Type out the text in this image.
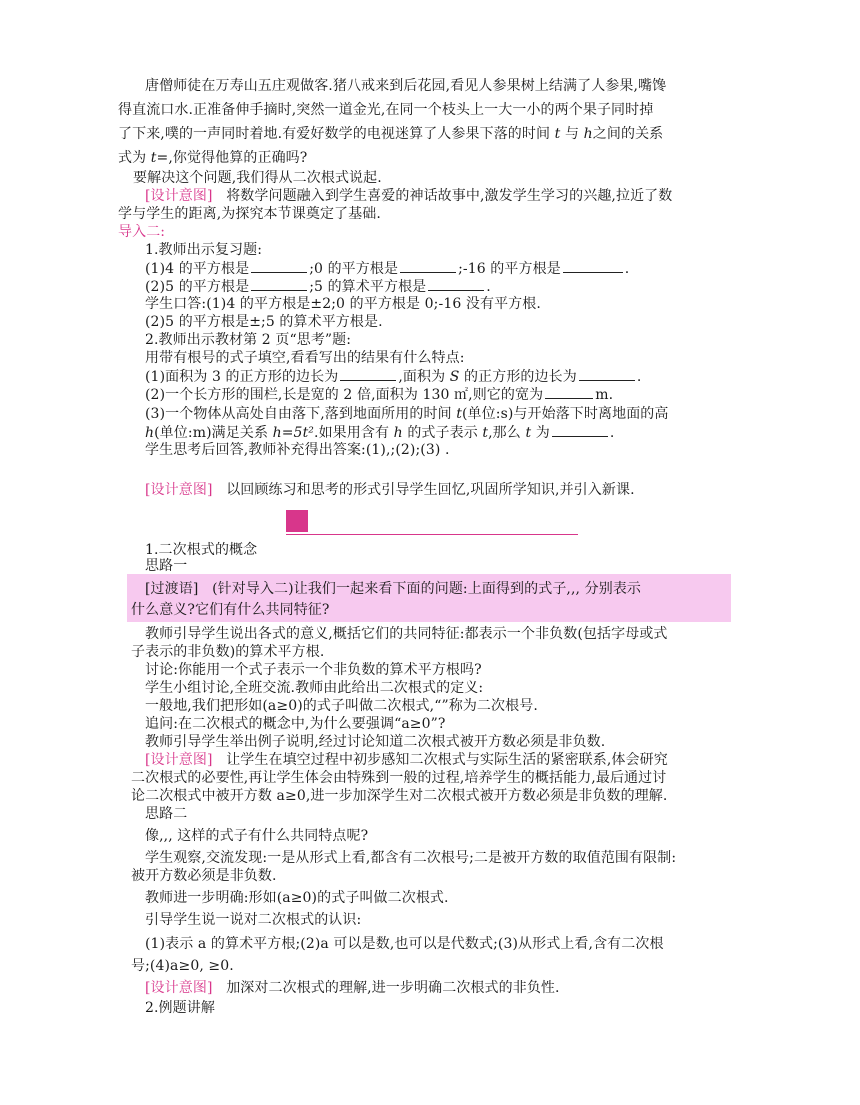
唐僧师徒在万寿山五庄观做客.猪八戒来到后花园,看见人参果树上结满了人参果,嘴馋
得直流口水.正准备伸手摘时,突然一道金光,在同一个枝头上一大一小的两个果子同时掉
了下来,噗的一声同时着地.有爱好数学的电视迷算了人参果下落的时间 t 与 h之间的关系
式为 t=,你觉得他算的正确吗?
要解决这个问题,我们得从二次根式说起.
[设计意图] 将数学问题融入到学生喜爱的神话故事中,激发学生学习的兴趣,拉近了数
学与学生的距离,为探究本节课奠定了基础.
导入二:
1.教师出示复习题:
(1)4 的平方根是	;0 的平方根是	;-16 的平方根是	.
(2)5 的平方根是	;5 的算术平方根是	.
学生口答:(1)4 的平方根是±2;0 的平方根是 0;-16 没有平方根.
(2)5 的平方根是±;5 的算术平方根是.
2.教师出示教材第 2 页“思考”题:
用带有根号的式子填空,看看写出的结果有什么特点:
(1)面积为 3 的正方形的边长为	,面积为 S 的正方形的边长为	.
(2)一个长方形的围栏,长是宽的 2 倍,面积为 130 ㎡,则它的宽为	m.
(3)一个物体从高处自由落下,落到地面所用的时间 t(单位:s)与开始落下时离地面的高
h(单位:m)满足关系 h=5t².如果用含有 h 的式子表示 t,那么 t 为	.
学生思考后回答,教师补充得出答案:(1),;(2);(3) .
[设计意图] 以回顾练习和思考的形式引导学生回忆,巩固所学知识,并引入新课.
1.二次根式的概念
思路一
[过渡语] (针对导入二)让我们一起来看下面的问题:上面得到的式子,,, 分别表示
什么意义?它们有什么共同特征?
教师引导学生说出各式的意义,概括它们的共同特征:都表示一个非负数(包括字母或式
子表示的非负数)的算术平方根.
讨论:你能用一个式子表示一个非负数的算术平方根吗?
学生小组讨论,全班交流.教师由此给出二次根式的定义:
一般地,我们把形如(a≥0)的式子叫做二次根式,“”称为二次根号.
追问:在二次根式的概念中,为什么要强调“a≥0”?
教师引导学生举出例子说明,经过讨论知道二次根式被开方数必须是非负数.
[设计意图] 让学生在填空过程中初步感知二次根式与实际生活的紧密联系,体会研究
二次根式的必要性,再让学生体会由特殊到一般的过程,培养学生的概括能力,最后通过讨
论二次根式中被开方数 a≥0,进一步加深学生对二次根式被开方数必须是非负数的理解.
思路二
像,,, 这样的式子有什么共同特点呢?
学生观察,交流发现:一是从形式上看,都含有二次根号;二是被开方数的取值范围有限制:
被开方数必须是非负数.
教师进一步明确:形如(a≥0)的式子叫做二次根式.
引导学生说一说对二次根式的认识:
(1)表示 a 的算术平方根;(2)a 可以是数,也可以是代数式;(3)从形式上看,含有二次根
号;(4)a≥0, ≥0.
[设计意图] 加深对二次根式的理解,进一步明确二次根式的非负性.
2.例题讲解
